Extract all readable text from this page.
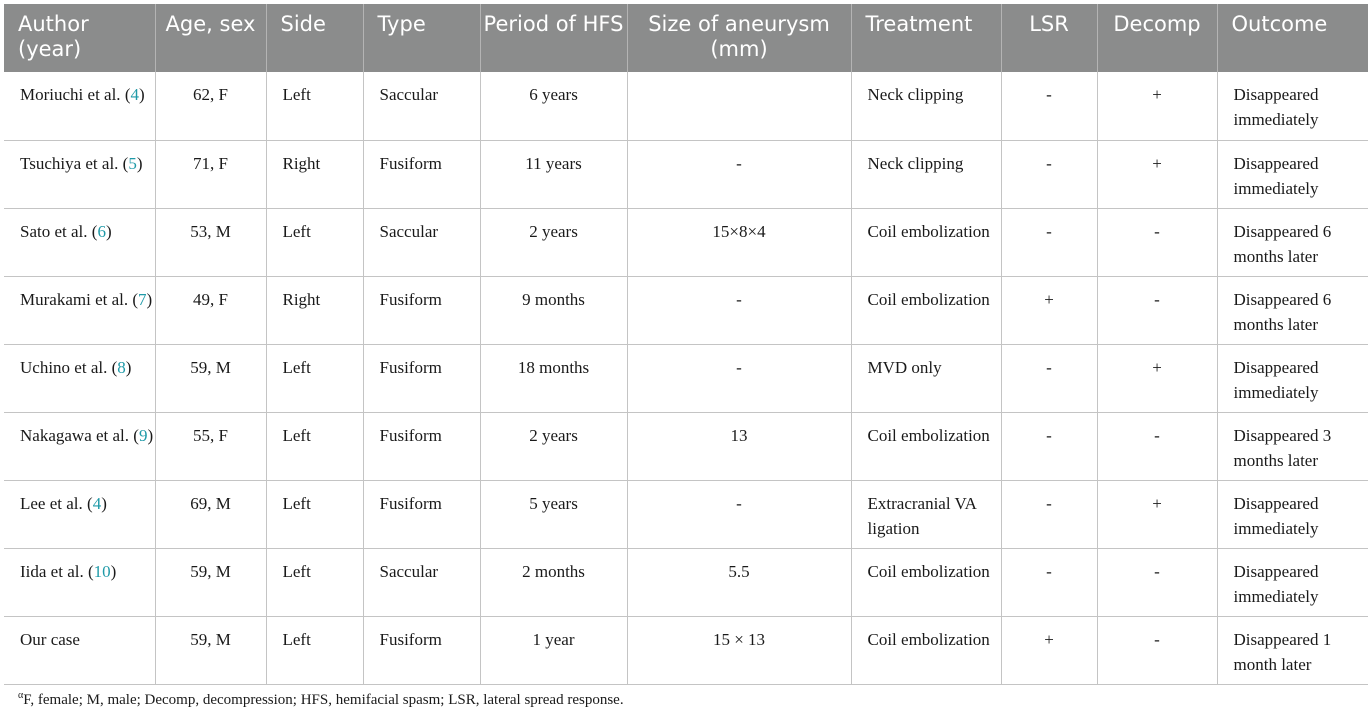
Author (year)	Age, sex	Side	Type	Period of HFS	Size of aneurysm (mm)	Treatment	LSR	Decomp	Outcome
Moriuchi et al. (4)	62, F	Left	Saccular	6 years		Neck clipping	-	+	Disappeared immediately
Tsuchiya et al. (5)	71, F	Right	Fusiform	11 years	-	Neck clipping	-	+	Disappeared immediately
Sato et al. (6)	53, M	Left	Saccular	2 years	15×8×4	Coil embolization	-	-	Disappeared 6 months later
Murakami et al. (7)	49, F	Right	Fusiform	9 months	-	Coil embolization	+	-	Disappeared 6 months later
Uchino et al. (8)	59, M	Left	Fusiform	18 months	-	MVD only	-	+	Disappeared immediately
Nakagawa et al. (9)	55, F	Left	Fusiform	2 years	13	Coil embolization	-	-	Disappeared 3 months later
Lee et al. (4)	69, M	Left	Fusiform	5 years	-	Extracranial VA ligation	-	+	Disappeared immediately
Iida et al. (10)	59, M	Left	Saccular	2 months	5.5	Coil embolization	-	-	Disappeared immediately
Our case	59, M	Left	Fusiform	1 year	15 × 13	Coil embolization	+	-	Disappeared 1 month later
$^\alpha$F, female; M, male; Decomp, decompression; HFS, hemifacial spasm; LSR, lateral spread response.
